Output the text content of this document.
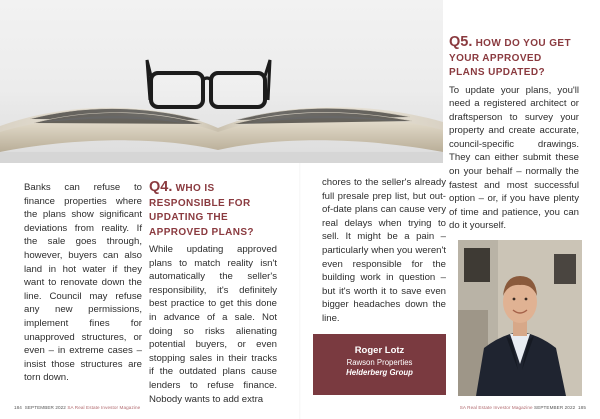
Banks can refuse to finance properties where the plans show significant deviations from reality. If the sale goes through, however, buyers can also land in hot water if they want to renovate down the line. Council may refuse any new permissions, implement fines for unapproved structures, or even – in extreme cases – insist those structures are torn down.

Q4. WHO IS RESPONSIBLE FOR UPDATING THE APPROVED PLANS?

While updating approved plans to match reality isn't automatically the seller's responsibility, it's definitely best practice to get this done in advance of a sale. Not doing so risks alienating potential buyers, or even stopping sales in their tracks if the outdated plans cause lenders to refuse finance. Nobody wants to add extra

chores to the seller's already full presale prep list, but out-of-date plans can cause very real delays when trying to sell. It might be a pain – particularly when you weren't even responsible for the building work in question – but it's worth it to save even bigger headaches down the line.

Roger Lotz
Rawson Properties
Helderberg Group
Q5. HOW DO YOU GET YOUR APPROVED PLANS UPDATED?

To update your plans, you'll need a registered architect or draftsperson to survey your property and create accurate, council-specific drawings. They can either submit these on your behalf – normally the fastest and most successful option – or, if you have plenty of time and patience, you can do it yourself.

184 SEPTEMBER 2022 SA Real Estate Investor Magazine	SA Real Estate Investor Magazine SEPTEMBER 2022 185
